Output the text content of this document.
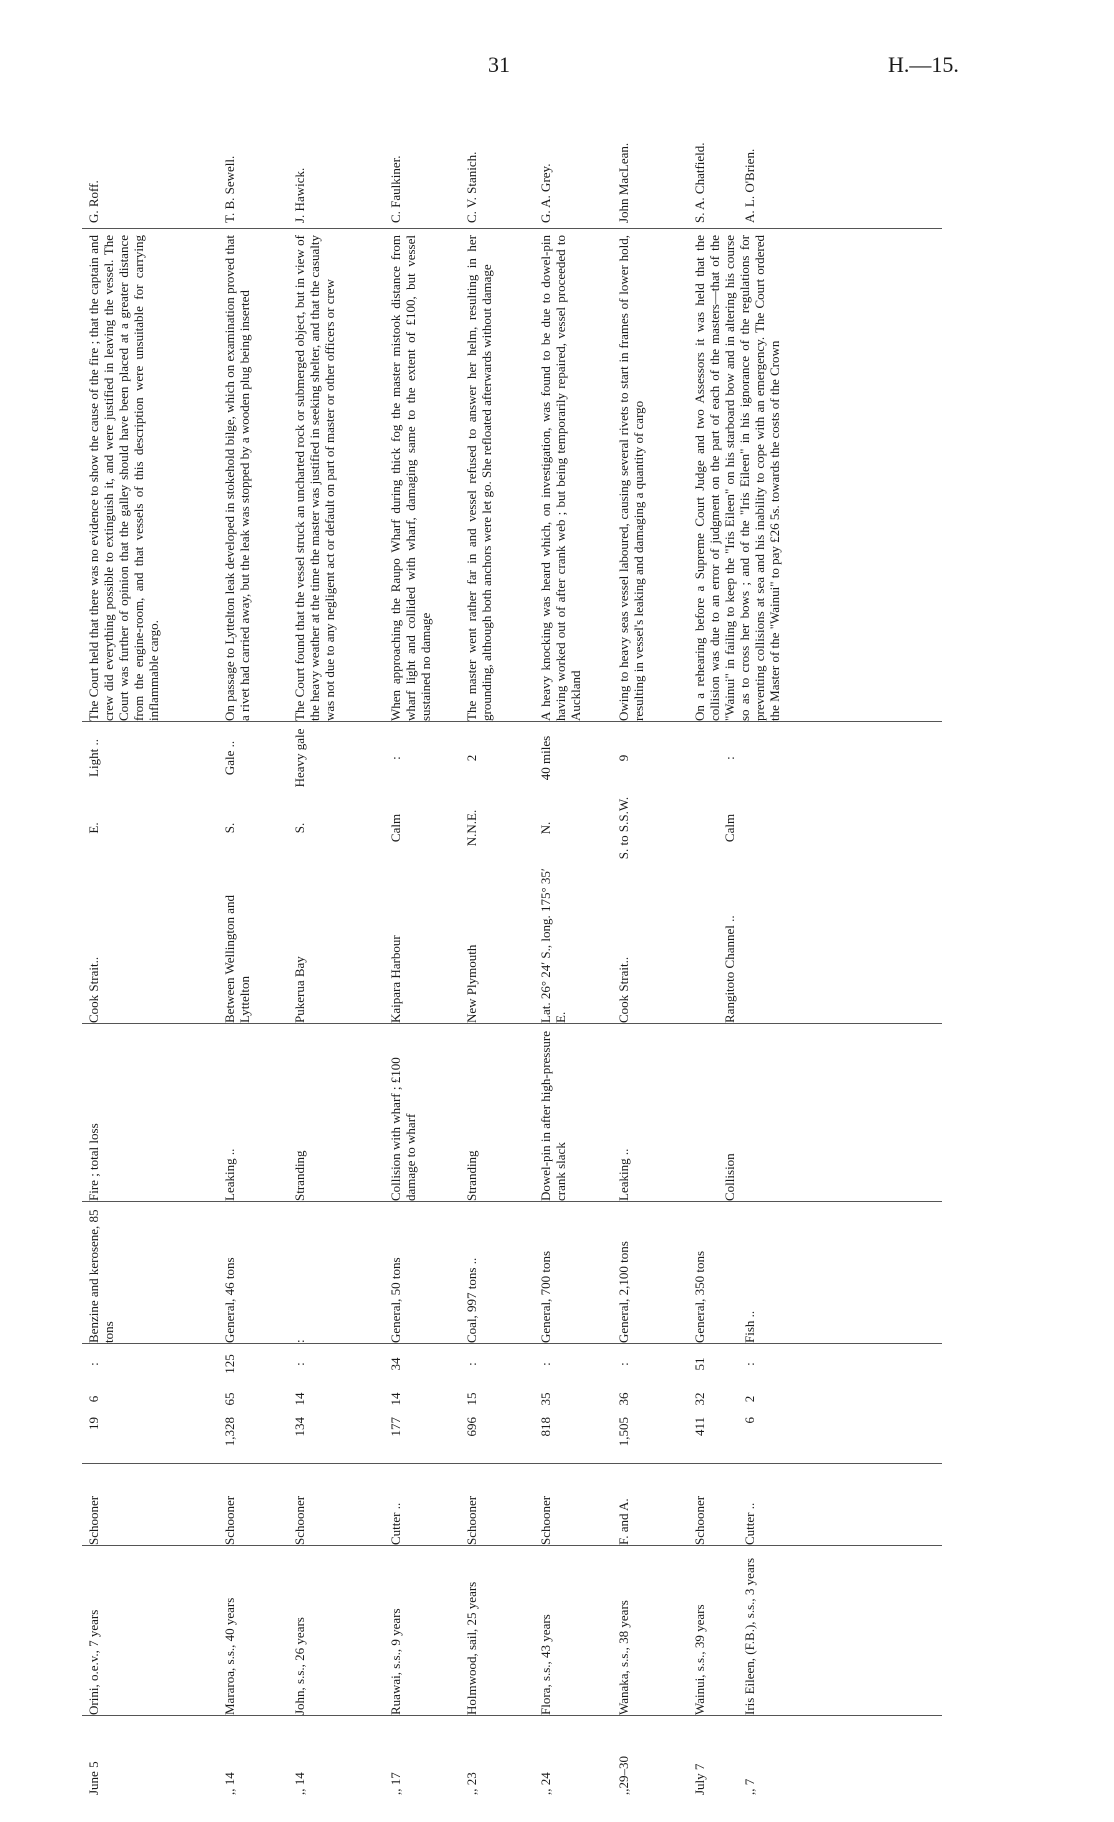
31	H.—15.
June 5
Orini, o.e.v., 7 years
Schooner
19
6
:
Benzine and kerosene, 85 tons
Fire ; total loss
Cook Strait..
E.
Light ..
The Court held that there was no evidence to show the cause of the fire ; that the captain and crew did everything possible to extinguish it, and were justified in leaving the vessel. The Court was further of opinion that the galley should have been placed at a greater distance from the engine-room, and that vessels of this description were unsuitable for carrying inflammable cargo.
G. Roff.
,, 14
Mararoa, s.s., 40 years
Schooner
1,328
65
125
General, 46 tons
Leaking ..
Between Wellington and Lyttelton
S.
Gale ..
On passage to Lyttelton leak developed in stokehold bilge, which on examination proved that a rivet had carried away, but the leak was stopped by a wooden plug being inserted
T. B. Sewell.
,, 14
John, s.s., 26 years
Schooner
134
14
:
:
Stranding
Pukerua Bay
S.
Heavy gale
The Court found that the vessel struck an uncharted rock or submerged object, but in view of the heavy weather at the time the master was justified in seeking shelter, and that the casualty was not due to any negligent act or default on part of master or other officers or crew
J. Hawick.
,, 17
Ruawai, s.s., 9 years
Cutter ..
177
14
34
General, 50 tons
Collision with wharf ; £100 damage to wharf
Kaipara Harbour
Calm
:
When approaching the Raupo Wharf during thick fog the master mistook distance from wharf light and collided with wharf, damaging same to the extent of £100, but vessel sustained no damage
C. Faulkiner.
,, 23
Holmwood, sail, 25 years
Schooner
696
15
:
Coal, 997 tons ..
Stranding
New Plymouth
N.N.E.
2
The master went rather far in and vessel refused to answer her helm, resulting in her grounding, although both anchors were let go. She refloated afterwards without damage
C. V. Stanich.
,, 24
Flora, s.s., 43 years
Schooner
818
35
:
General, 700 tons
Dowel-pin in after high-pressure crank slack
Lat. 26° 24′ S., long. 175° 35′ E.
N.
40 miles
A heavy knocking was heard which, on investigation, was found to be due to dowel-pin having worked out of after crank web ; but being temporarily repaired, vessel proceeded to Auckland
G. A. Grey.
,,29–30
Wanaka, s.s., 38 years
F. and A.
1,505
36
:
General, 2,100 tons
Leaking ..
Cook Strait..
S. to S.S.W.
9
Owing to heavy seas vessel laboured, causing several rivets to start in frames of lower hold, resulting in vessel's leaking and damaging a quantity of cargo
John MacLean.
July 7
Wainui, s.s., 39 years
Schooner
411
32
51
General, 350 tons
Collision
Rangitoto Channel ..
Calm
:
On a rehearing before a Supreme Court Judge and two Assessors it was held that the collision was due to an error of judgment on the part of each of the masters—that of the "Wainui" in failing to keep the "Iris Eileen" on his starboard bow and in altering his course so as to cross her bows ; and of the "Iris Eileen" in his ignorance of the regulations for preventing collisions at sea and his inability to cope with an emergency. The Court ordered the Master of the "Wainui" to pay £26 5s. towards the costs of the Crown
S. A. Chatfield.
,, 7
Iris Eileen, (F.B.), s.s., 3 years
Cutter ..
6
2
:
Fish ..
A. L. O'Brien.
